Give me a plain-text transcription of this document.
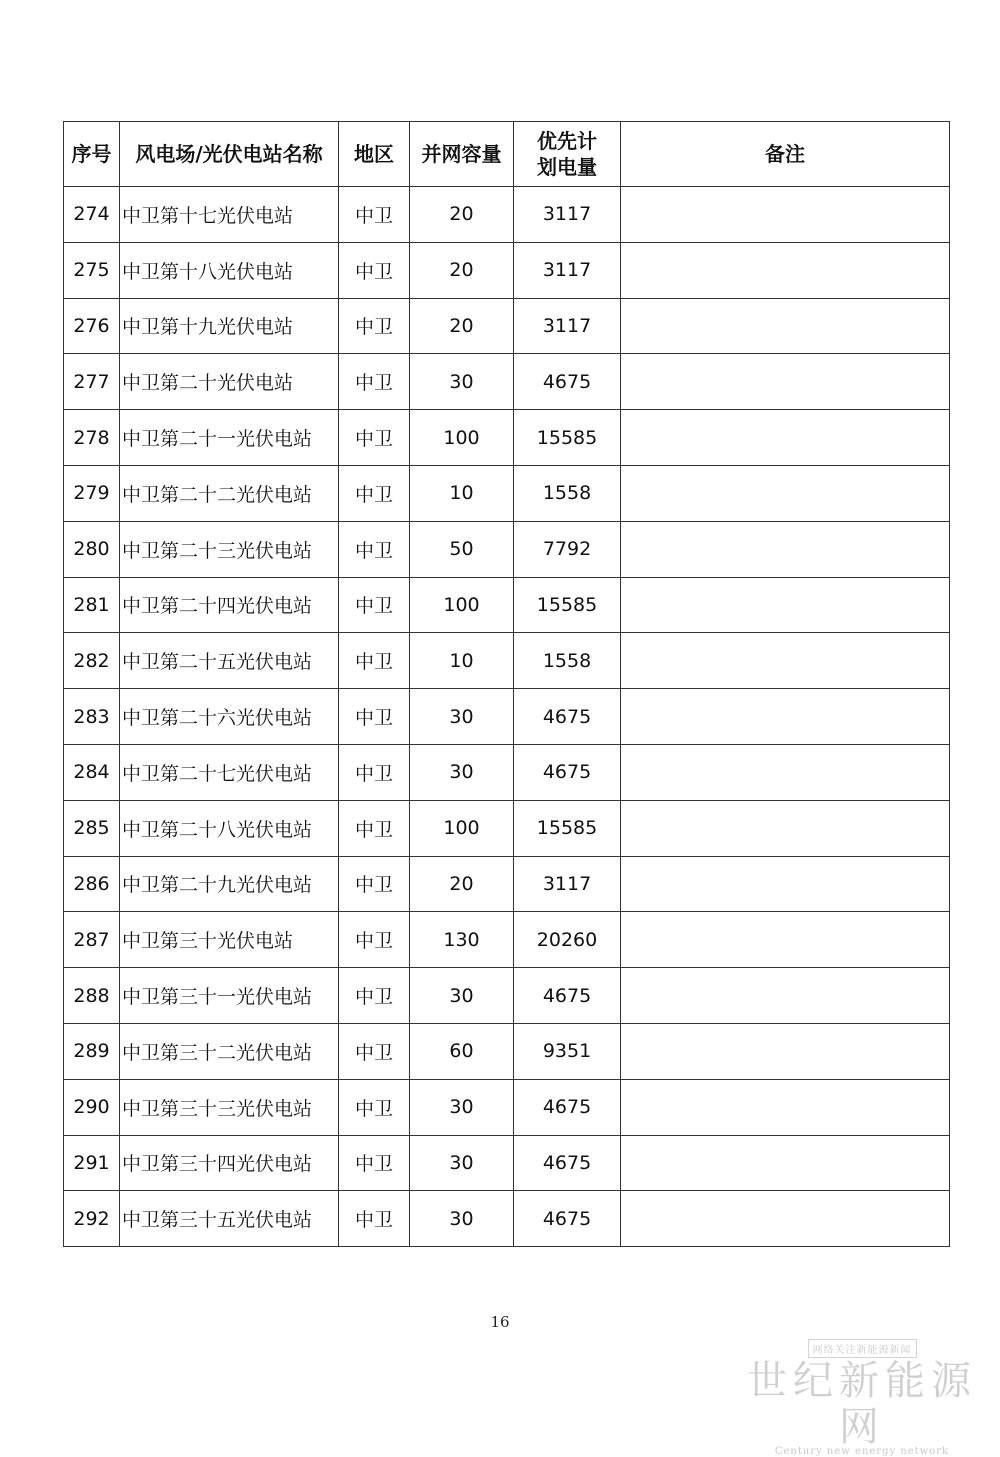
序号	风电场/光伏电站名称	地区	并网容量	优先计划电量	备注
274	中卫第十七光伏电站	中卫	20	3117	
275	中卫第十八光伏电站	中卫	20	3117	
276	中卫第十九光伏电站	中卫	20	3117	
277	中卫第二十光伏电站	中卫	30	4675	
278	中卫第二十一光伏电站	中卫	100	15585	
279	中卫第二十二光伏电站	中卫	10	1558	
280	中卫第二十三光伏电站	中卫	50	7792	
281	中卫第二十四光伏电站	中卫	100	15585	
282	中卫第二十五光伏电站	中卫	10	1558	
283	中卫第二十六光伏电站	中卫	30	4675	
284	中卫第二十七光伏电站	中卫	30	4675	
285	中卫第二十八光伏电站	中卫	100	15585	
286	中卫第二十九光伏电站	中卫	20	3117	
287	中卫第三十光伏电站	中卫	130	20260	
288	中卫第三十一光伏电站	中卫	30	4675	
289	中卫第三十二光伏电站	中卫	60	9351	
290	中卫第三十三光伏电站	中卫	30	4675	
291	中卫第三十四光伏电站	中卫	30	4675	
292	中卫第三十五光伏电站	中卫	30	4675	
16
网络关注新能源新闻
世纪新能源网
Century new energy network
